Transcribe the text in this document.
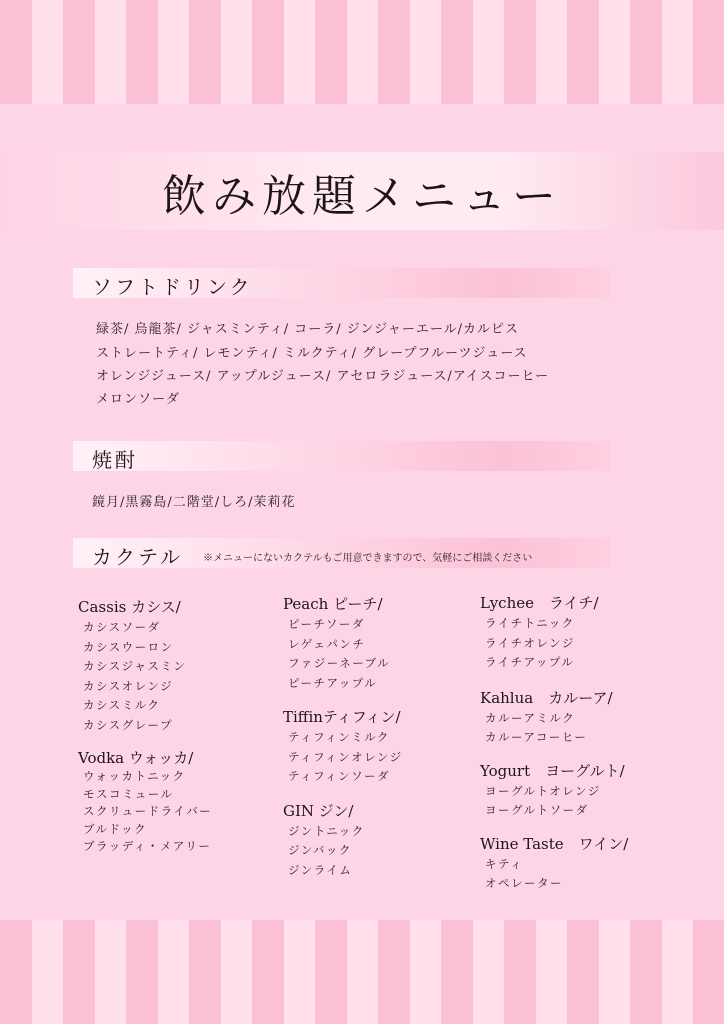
飲み放題メニュー
ソフトドリンク
緑茶/ 烏龍茶/ ジャスミンティ/ コーラ/ ジンジャーエール/カルピス
ストレートティ/ レモンティ/ ミルクティ/ グレープフルーツジュース
オレンジジュース/ アップルジュース/ アセロラジュース/アイスコーヒー
メロンソーダ
焼酎
鏡月/黒霧島/二階堂/しろ/茉莉花
カクテル ※メニューにないカクテルもご用意できますので、気軽にご相談ください
Cassis カシス/
カシスソーダ
カシスウーロン
カシスジャスミン
カシスオレンジ
カシスミルク
カシスグレープ
Vodka ウォッカ/
ウォッカトニック
モスコミュール
スクリュードライバー
ブルドック
ブラッディ・メアリー
Peach ピーチ/
ピーチソーダ
レゲェパンチ
ファジーネーブル
ピーチアップル
Tiffinティフィン/
ティフィンミルク
ティフィンオレンジ
ティフィンソーダ
GIN ジン/
ジントニック
ジンバック
ジンライム
Lychee　ライチ/
ライチトニック
ライチオレンジ
ライチアップル
Kahlua　カルーア/
カルーアミルク
カルーアコーヒー
Yogurt　ヨーグルト/
ヨーグルトオレンジ
ヨーグルトソーダ
Wine Taste　ワイン/
キティ
オペレーター
